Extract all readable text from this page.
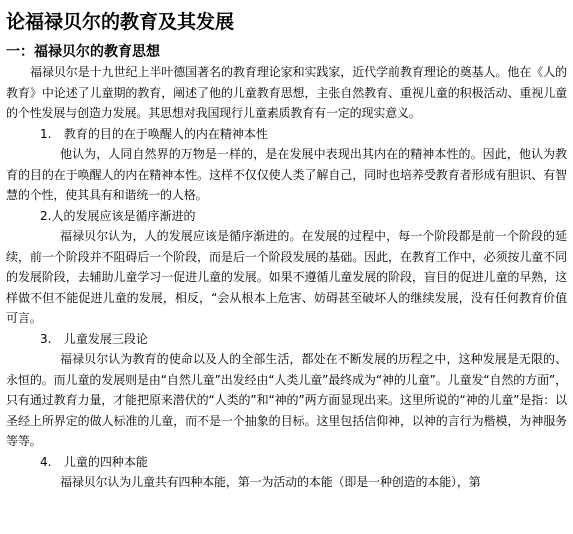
论福禄贝尔的教育及其发展
一：福禄贝尔的教育思想

福禄贝尔是十九世纪上半叶德国著名的教育理论家和实践家，近代学前教育理论的奠基人。他在《人的教育》中论述了儿童期的教育，阐述了他的儿童教育思想，主张自然教育、重视儿童的积极活动、重视儿童的个性发展与创造力发展。其思想对我国现行儿童素质教育有一定的现实意义。

1. 教育的目的在于唤醒人的内在精神本性

他认为，人同自然界的万物是一样的，是在发展中表现出其内在的精神本性的。因此，他认为教育的目的在于唤醒人的内在精神本性。这样不仅仅使人类了解自己，同时也培养受教育者形成有胆识、有智慧的个性，使其具有和谐统一的人格。

2.人的发展应该是循序渐进的

福禄贝尔认为，人的发展应该是循序渐进的。在发展的过程中，每一个阶段都是前一个阶段的延续，前一个阶段并不阻碍后一个阶段，而是后一个阶段发展的基础。因此，在教育工作中，必须按儿童不同的发展阶段，去辅助儿童学习一促进儿童的发展。如果不遵循儿童发展的阶段，盲目的促进儿童的早熟，这样做不但不能促进儿童的发展，相反，“会从根本上危害、妨碍甚至破坏人的继续发展，没有任何教育价值可言。

3. 儿童发展三段论

福禄贝尔认为教育的使命以及人的全部生活，都处在不断发展的历程之中，这种发展是无限的、永恒的。而儿童的发展则是由“自然儿童”出发经由“人类儿童”最终成为“神的儿童”。儿童发“自然的方面”，只有通过教育力量，才能把原来潜伏的“人类的”和“神的”两方面显现出来。这里所说的“神的儿童”是指：以圣经上所界定的做人标准的儿童，而不是一个抽象的目标。这里包括信仰神，以神的言行为楷模，为神服务等等。

4. 儿童的四种本能

福禄贝尔认为儿童共有四种本能，第一为活动的本能（即是一种创造的本能），第
